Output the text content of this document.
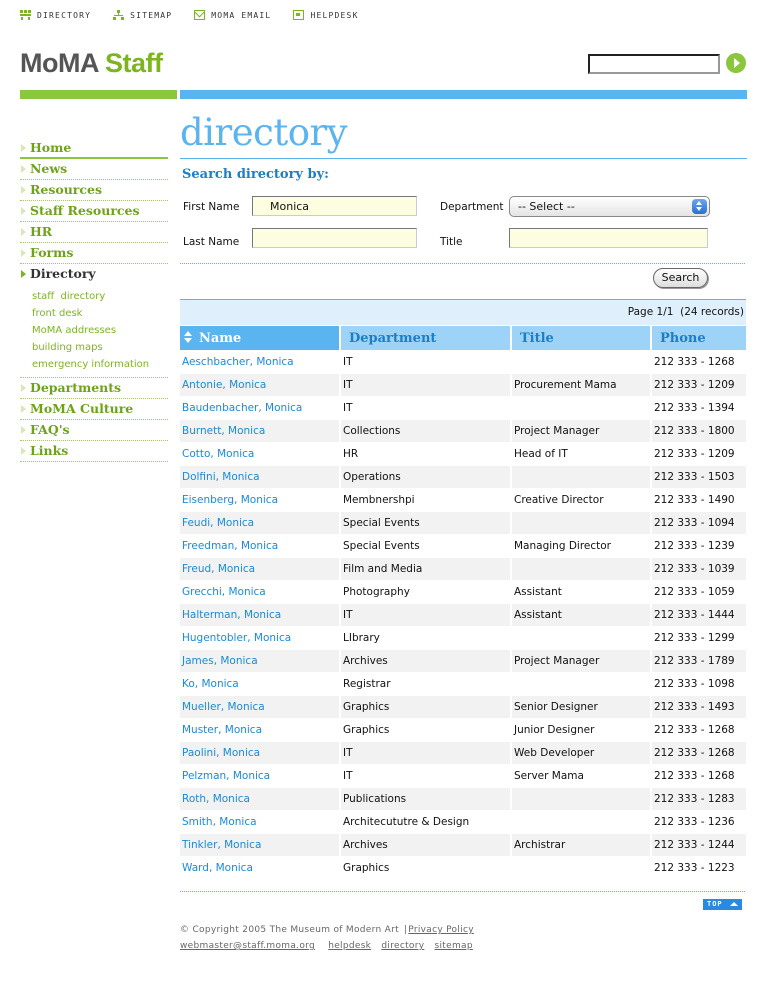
DIRECTORY	SITEMAP	MOMA EMAIL	HELPDESK
MoMA Staff
Home
News
Resources
Staff Resources
HR
Forms
Directory
staff  directory
front desk
MoMA addresses
building maps
emergency information
Departments
MoMA Culture
FAQ's
Links
directory
Search directory by:
First Name
Monica	Department	-- Select --
Last Name	Title
Search
Page 1/1  (24 records)
Name	Department	Title	Phone
Aeschbacher, Monica	IT		212 333 - 1268
Antonie, Monica	IT	Procurement Mama	212 333 - 1209
Baudenbacher, Monica	IT		212 333 - 1394
Burnett, Monica	Collections	Project Manager	212 333 - 1800
Cotto, Monica	HR	Head of IT	212 333 - 1209
Dolfini, Monica	Operations		212 333 - 1503
Eisenberg, Monica	Membnershpi	Creative Director	212 333 - 1490
Feudi, Monica	Special Events		212 333 - 1094
Freedman, Monica	Special Events	Managing Director	212 333 - 1239
Freud, Monica	Film and Media		212 333 - 1039
Grecchi, Monica	Photography	Assistant	212 333 - 1059
Halterman, Monica	IT	Assistant	212 333 - 1444
Hugentobler, Monica	LIbrary		212 333 - 1299
James, Monica	Archives	Project Manager	212 333 - 1789
Ko, Monica	Registrar		212 333 - 1098
Mueller, Monica	Graphics	Senior Designer	212 333 - 1493
Muster, Monica	Graphics	Junior Designer	212 333 - 1268
Paolini, Monica	IT	Web Developer	212 333 - 1268
Pelzman, Monica	IT	Server Mama	212 333 - 1268
Roth, Monica	Publications		212 333 - 1283
Smith, Monica	Architecututre & Design		212 333 - 1236
Tinkler, Monica	Archives	Archistrar	212 333 - 1244
Ward, Monica	Graphics		212 333 - 1223
TOP
© Copyright 2005 The Museum of Modern Art |Privacy Policy
webmaster@staff.moma.org helpdesk directory sitemap
